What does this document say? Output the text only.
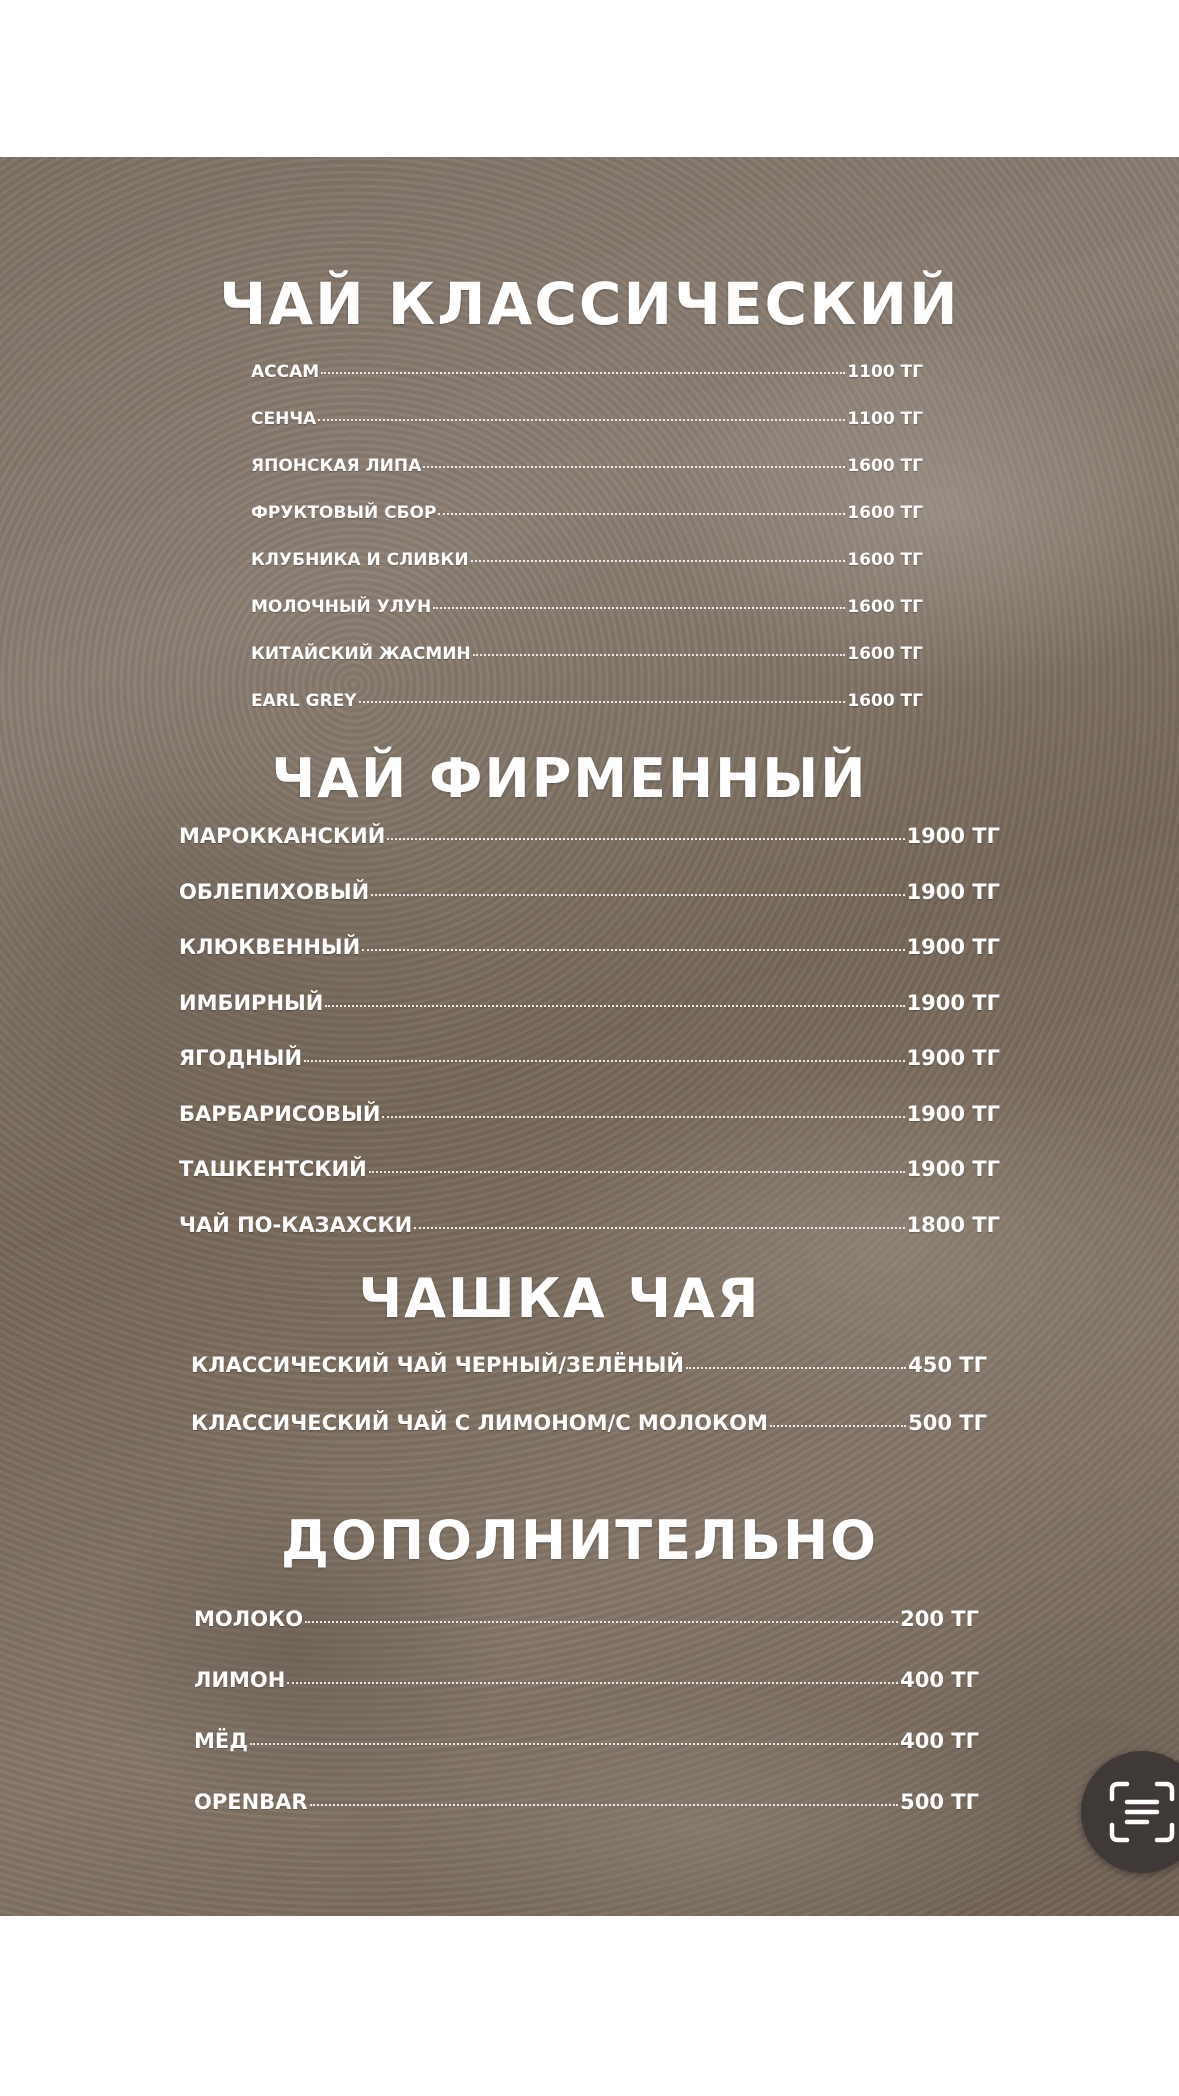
ЧАЙ КЛАССИЧЕСКИЙ
АССАМ	1100 ТГ
СЕНЧА	1100 ТГ
ЯПОНСКАЯ ЛИПА	1600 ТГ
ФРУКТОВЫЙ СБОР	1600 ТГ
КЛУБНИКА И СЛИВКИ	1600 ТГ
МОЛОЧНЫЙ УЛУН	1600 ТГ
КИТАЙСКИЙ ЖАСМИН	1600 ТГ
EARL GREY	1600 ТГ
ЧАЙ ФИРМЕННЫЙ
МАРОККАНСКИЙ	1900 ТГ
ОБЛЕПИХОВЫЙ	1900 ТГ
КЛЮКВЕННЫЙ	1900 ТГ
ИМБИРНЫЙ	1900 ТГ
ЯГОДНЫЙ	1900 ТГ
БАРБАРИСОВЫЙ	1900 ТГ
ТАШКЕНТСКИЙ	1900 ТГ
ЧАЙ ПО-КАЗАХСКИ	1800 ТГ
ЧАШКА ЧАЯ
КЛАССИЧЕСКИЙ ЧАЙ ЧЕРНЫЙ/ЗЕЛЁНЫЙ	450 ТГ
КЛАССИЧЕСКИЙ ЧАЙ С ЛИМОНОМ/С МОЛОКОМ	500 ТГ
ДОПОЛНИТЕЛЬНО
МОЛОКО	200 ТГ
ЛИМОН	400 ТГ
МЁД	400 ТГ
OPENBAR	500 ТГ
